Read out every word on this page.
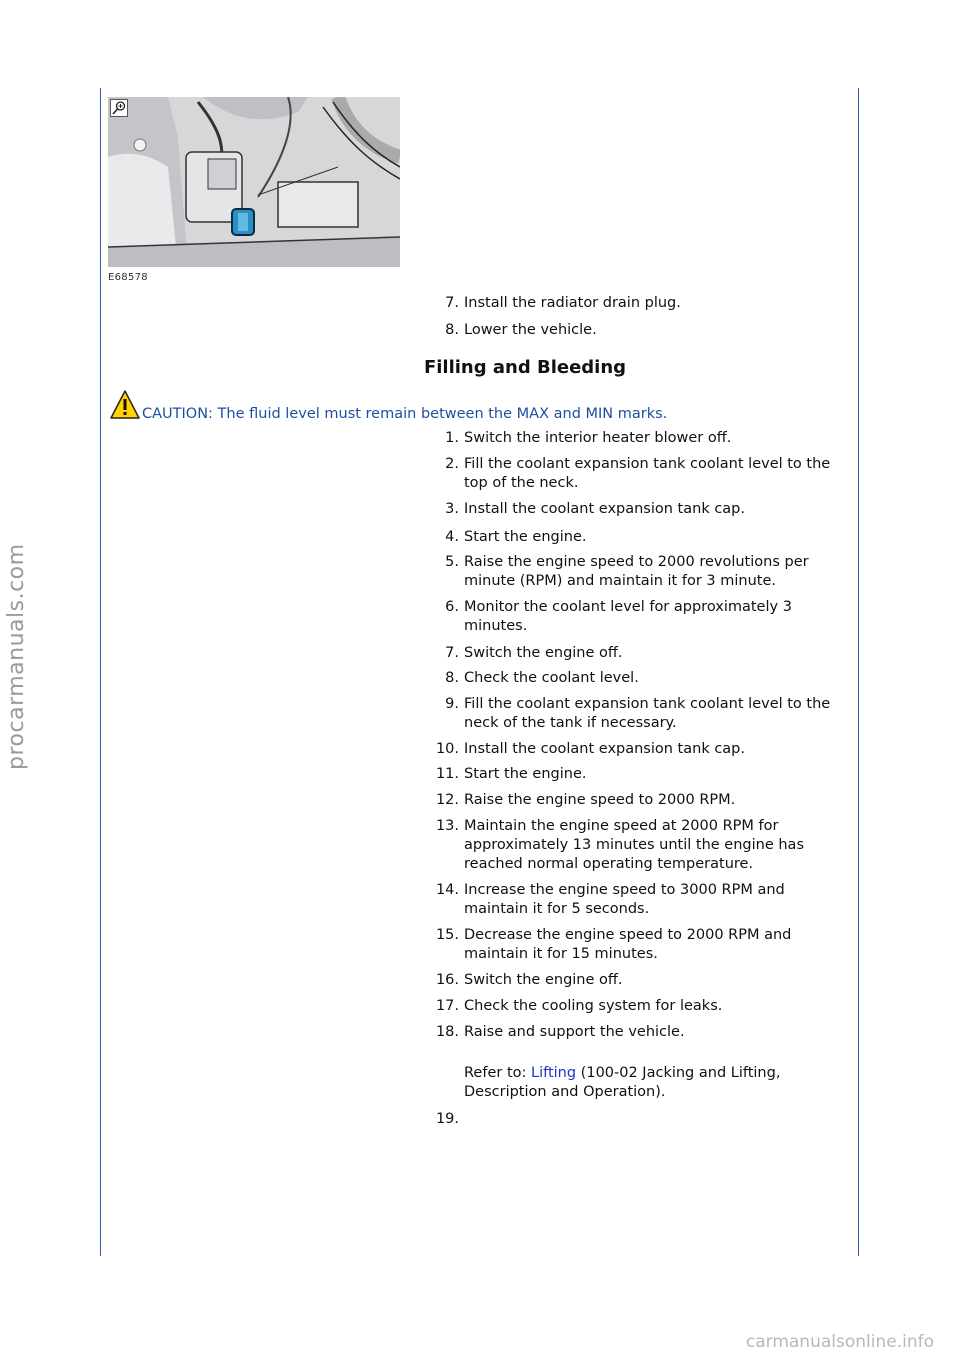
E68578
7. Install the radiator drain plug.
8. Lower the vehicle.
Filling and Bleeding
CAUTION: The fluid level must remain between the MAX and MIN marks.
1. Switch the interior heater blower off.
2. Fill the coolant expansion tank coolant level to the top of the neck.
3. Install the coolant expansion tank cap.
4. Start the engine.
5. Raise the engine speed to 2000 revolutions per minute (RPM) and maintain it for 3 minute.
6. Monitor the coolant level for approximately 3 minutes.
7. Switch the engine off.
8. Check the coolant level.
9. Fill the coolant expansion tank coolant level to the neck of the tank if necessary.
10. Install the coolant expansion tank cap.
11. Start the engine.
12. Raise the engine speed to 2000 RPM.
13. Maintain the engine speed at 2000 RPM for approximately 13 minutes until the engine has reached normal operating temperature.
14. Increase the engine speed to 3000 RPM and maintain it for 5 seconds.
15. Decrease the engine speed to 2000 RPM and maintain it for 15 minutes.
16. Switch the engine off.
17. Check the cooling system for leaks.
18. Raise and support the vehicle.
Refer to: Lifting (100-02 Jacking and Lifting, Description and Operation).
19.
procarmanuals.com
carmanualsonline.info
